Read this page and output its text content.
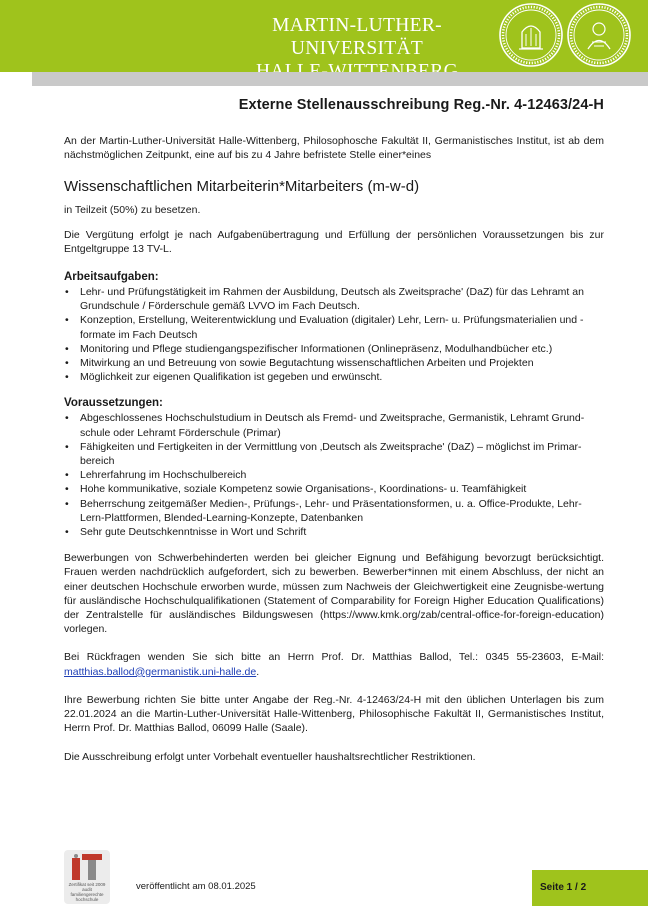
MARTIN-LUTHER-UNIVERSITÄT
Externe Stellenausschreibung Reg.-Nr. 4-12463/24-H

An der Martin-Luther-Universität Halle-Wittenberg, Philosophosche Fakultät II, Germanistisches Institut, ist ab dem nächstmöglichen Zeitpunkt, eine auf bis zu 4 Jahre befristete Stelle einer*eines

Wissenschaftlichen Mitarbeiterin*Mitarbeiters (m-w-d)

in Teilzeit (50%) zu besetzen.

Die Vergütung erfolgt je nach Aufgabenübertragung und Erfüllung der persönlichen Voraussetzungen bis zur Entgeltgruppe 13 TV-L.

Arbeitsaufgaben:

• Lehr- und Prüfungstätigkeit im Rahmen der Ausbildung, Deutsch als Zweitsprache' (DaZ) für das Lehramt an Grundschule / Förderschule gemäß LVVO im Fach Deutsch.
• Konzeption, Erstellung, Weiterentwicklung und Evaluation (digitaler) Lehr, Lern- u. Prüfungsmaterialien und -formate im Fach Deutsch
• Monitoring und Pflege studiengangspezifischer Informationen (Onlinepräsenz, Modulhandbücher etc.)
• Mitwirkung an und Betreuung von sowie Begutachtung wissenschaftlichen Arbeiten und Projekten
• Möglichkeit zur eigenen Qualifikation ist gegeben und erwünscht.

Voraussetzungen:

• Abgeschlossenes Hochschulstudium in Deutsch als Fremd- und Zweitsprache, Germanistik, Lehramt Grund-schule oder Lehramt Förderschule (Primar)
• Fähigkeiten und Fertigkeiten in der Vermittlung von ‚Deutsch als Zweitsprache' (DaZ) – möglichst im Primar-bereich
• Lehrerfahrung im Hochschulbereich
• Hohe kommunikative, soziale Kompetenz sowie Organisations-, Koordinations- u. Teamfähigkeit
• Beherrschung zeitgemäßer Medien-, Prüfungs-, Lehr- und Präsentationsformen, u. a. Office-Produkte, Lehr-Lern-Plattformen, Blended-Learning-Konzepte, Datenbanken
• Sehr gute Deutschkenntnisse in Wort und Schrift

Bewerbungen von Schwerbehinderten werden bei gleicher Eignung und Befähigung bevorzugt berücksichtigt. Frauen werden nachdrücklich aufgefordert, sich zu bewerben. Bewerber*innen mit einem Abschluss, der nicht an einer deutschen Hochschule erworben wurde, müssen zum Nachweis der Gleichwertigkeit eine Zeugnisbe-wertung für ausländische Hochschulqualifikationen (Statement of Comparability for Foreign Higher Education Qualifications) der Zentralstelle für ausländisches Bildungswesen (https://www.kmk.org/zab/central-office-for-foreign-education) vorlegen.

Bei Rückfragen wenden Sie sich bitte an Herrn Prof. Dr. Matthias Ballod, Tel.: 0345 55-23603, E-Mail: matthias.ballod@germanistik.uni-halle.de.

Ihre Bewerbung richten Sie bitte unter Angabe der Reg.-Nr. 4-12463/24-H mit den üblichen Unterlagen bis zum 22.01.2024 an die Martin-Luther-Universität Halle-Wittenberg, Philosophische Fakultät II, Germanistisches Institut, Herrn Prof. Dr. Matthias Ballod, 06099 Halle (Saale).

Die Ausschreibung erfolgt unter Vorbehalt eventueller haushaltsrechtlicher Restriktionen.

Zertifikat seit 2009 audit familiengerechte hochschule
veröffentlicht am 08.01.2025	Seite 1 / 2
